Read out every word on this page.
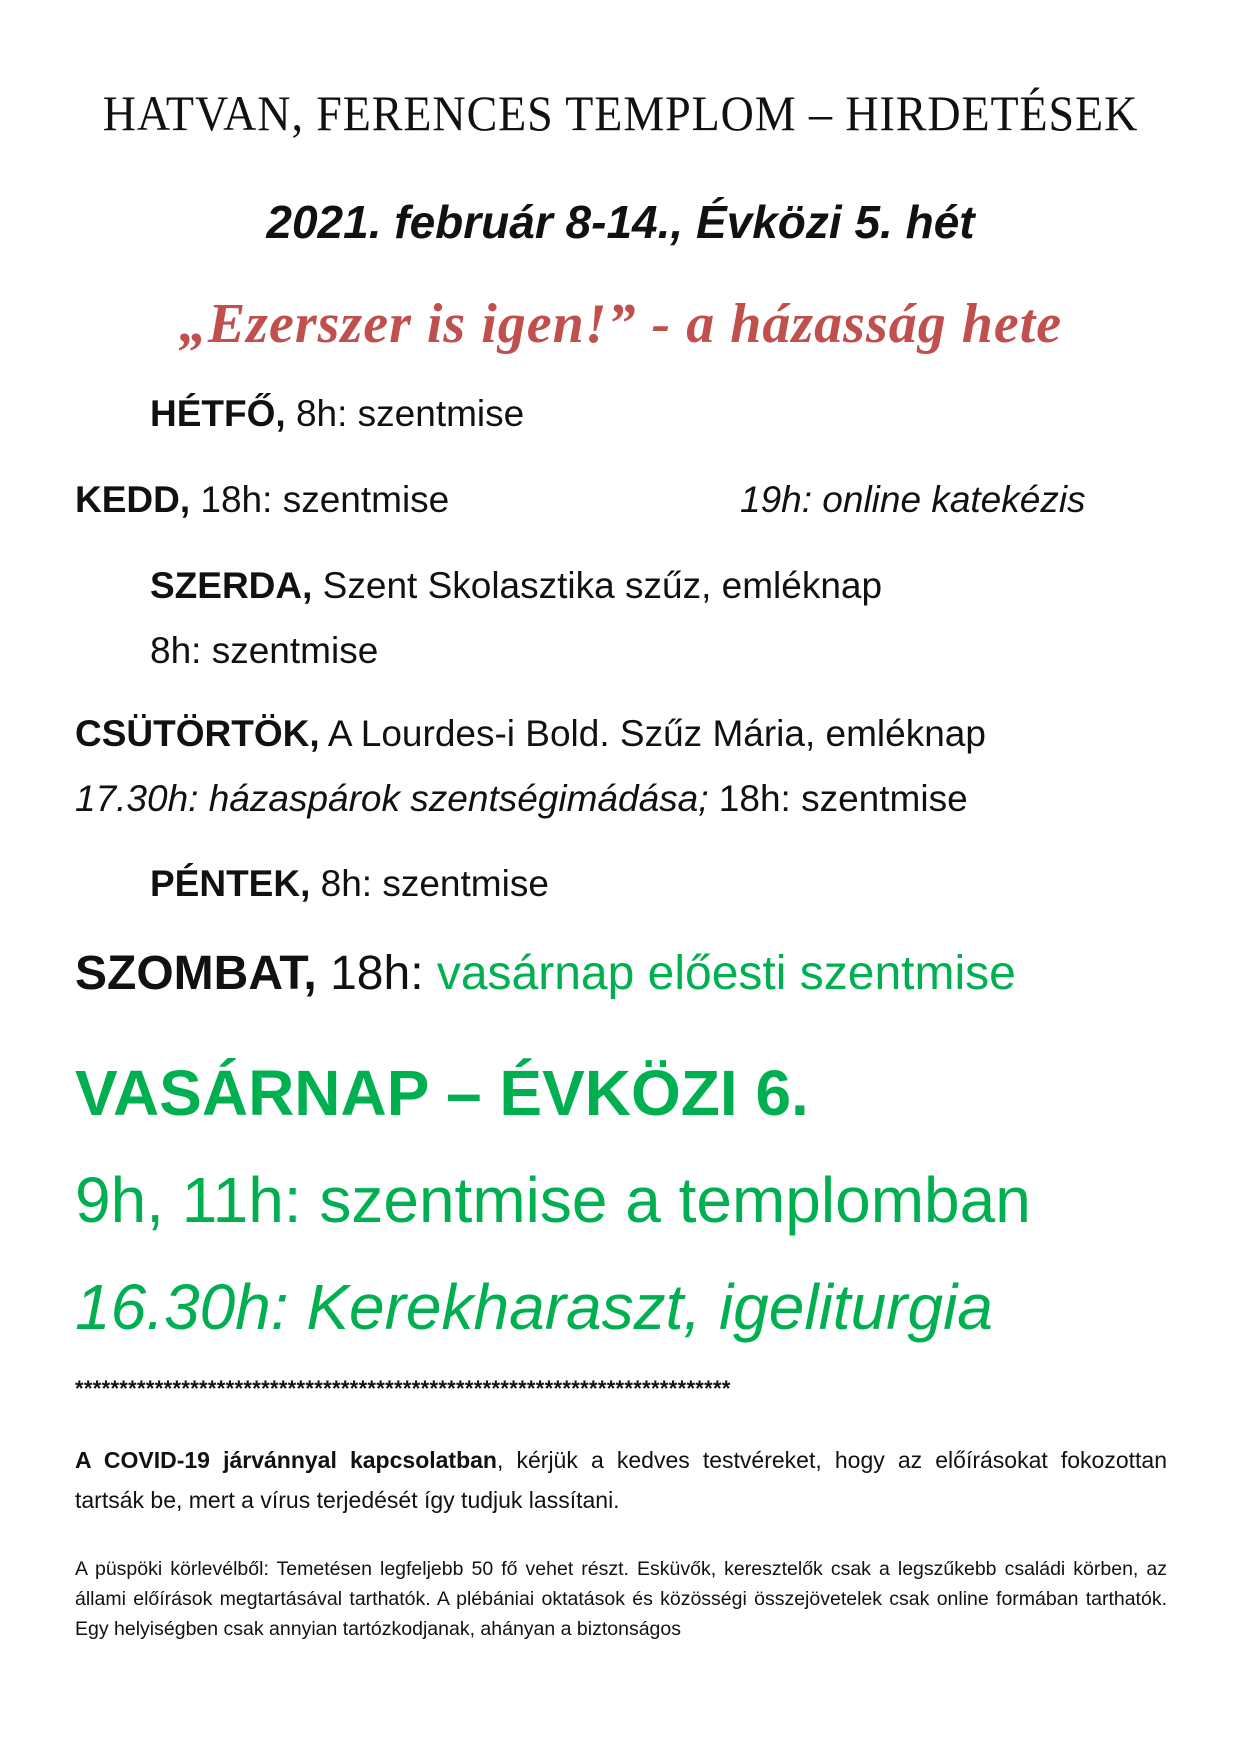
HATVAN, FERENCES TEMPLOM – HIRDETÉSEK
2021. február 8-14., Évközi 5. hét
„Ezerszer is igen!” - a házasság hete
HÉTFŐ, 8h: szentmise
KEDD, 18h: szentmise	19h: online katekézis
SZERDA, Szent Skolasztika szűz, emléknap
8h: szentmise
CSÜTÖRTÖK, A Lourdes-i Bold. Szűz Mária, emléknap
17.30h: házaspárok szentségimádása; 18h: szentmise
PÉNTEK, 8h: szentmise
SZOMBAT, 18h: vasárnap előesti szentmise
VASÁRNAP – ÉVKÖZI 6.
9h, 11h: szentmise a templomban
16.30h: Kerekharaszt, igeliturgia
**************************************************************************
A COVID-19 járvánnyal kapcsolatban, kérjük a kedves testvéreket, hogy az előírásokat fokozottan tartsák be, mert a vírus terjedését így tudjuk lassítani.
A püspöki körlevélből: Temetésen legfeljebb 50 fő vehet részt. Esküvők, keresztelők csak a legszűkebb családi körben, az állami előírások megtartásával tarthatók. A plébániai oktatások és közösségi összejövetelek csak online formában tarthatók. Egy helyiségben csak annyian tartózkodjanak, ahányan a biztonságos
